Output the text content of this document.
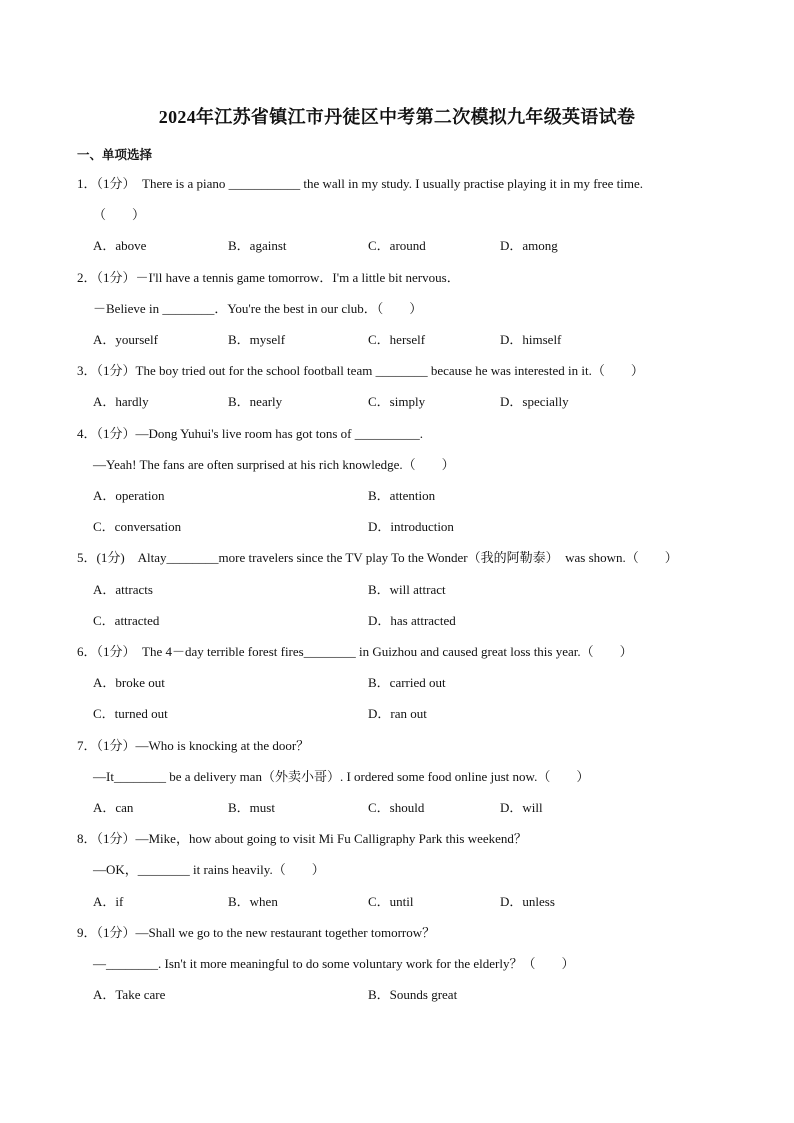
2024年江苏省镇江市丹徒区中考第二次模拟九年级英语试卷
一、单项选择
1．（1分）　There is a piano ___________ the wall in my study. I usually practise playing it in my free time.
（　　）
A．above	B．against	C．around	D．among
2．（1分）－I'll have a tennis game tomorrow．I'm a little bit nervous．
－Believe in ________．You're the best in our club．（　　）
A．yourself	B．myself	C．herself	D．himself
3．（1分）The boy tried out for the school football team ________ because he was interested in it.（　　）
A．hardly	B．nearly	C．simply	D．specially
4．（1分）—Dong Yuhui's live room has got tons of __________.
—Yeah! The fans are often surprised at his rich knowledge.（　　）
A．operation	B．attention
C．conversation	D．introduction
5．(1分)　Altay________more travelers since the TV play To the Wonder（我的阿勒泰）　was shown.（　　）
A．attracts	B．will attract
C．attracted	D．has attracted
6．（1分）　The 4－day terrible forest fires________ in Guizhou and caused great loss this year.（　　）
A．broke out	B．carried out
C．turned out	D．ran out
7．（1分）—Who is knocking at the door？
—It________ be a delivery man（外卖小哥）. I ordered some food online just now.（　　）
A．can	B．must	C．should	D．will
8．（1分）—Mike，how about going to visit Mi Fu Calligraphy Park this weekend？
—OK，________ it rains heavily.（　　）
A．if	B．when	C．until	D．unless
9．（1分）—Shall we go to the new restaurant together tomorrow？
—________. Isn't it more meaningful to do some voluntary work for the elderly？（　　）
A．Take care	B．Sounds great
